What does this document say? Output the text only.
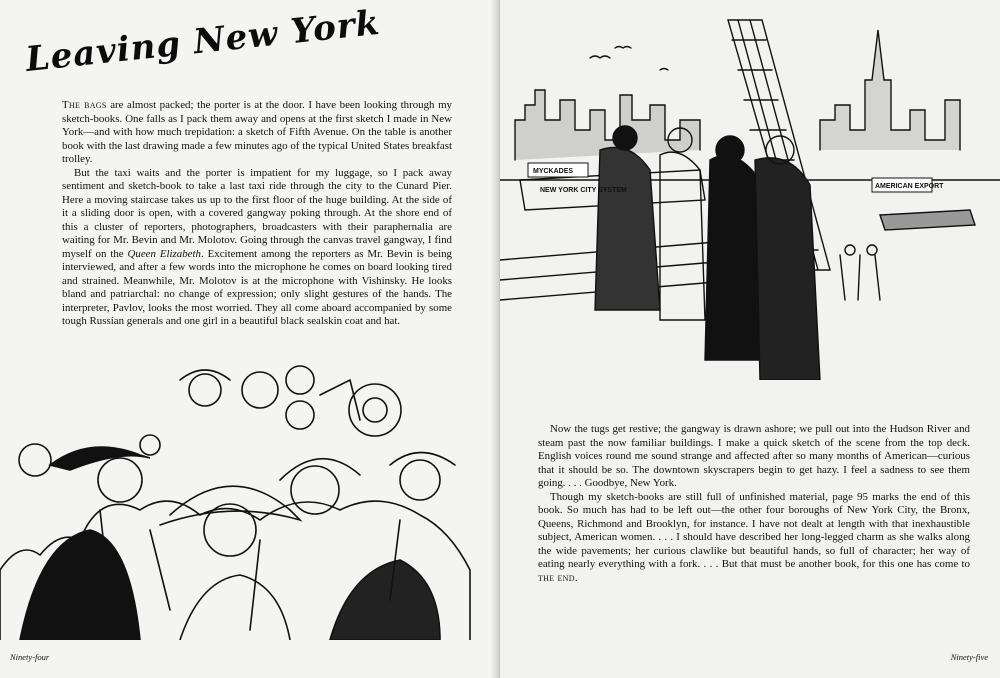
Leaving New York

The bags are almost packed; the porter is at the door. I have been looking through my sketch-books. One falls as I pack them away and opens at the first sketch I made in New York—and with how much trepidation: a sketch of Fifth Avenue. On the table is another book with the last drawing made a few minutes ago of the typical United States breakfast trolley.

But the taxi waits and the porter is impatient for my luggage, so I pack away sentiment and sketch-book to take a last taxi ride through the city to the Cunard Pier. Here a moving staircase takes us up to the first floor of the huge building. At the side of it a sliding door is open, with a covered gangway poking through. At the shore end of this a cluster of reporters, photographers, broadcasters with their paraphernalia are waiting for Mr. Bevin and Mr. Molotov. Going through the canvas travel gangway, I find myself on the Queen Elizabeth. Excitement among the reporters as Mr. Bevin is being interviewed, and after a few words into the microphone he comes on board looking tired and strained. Meanwhile, Mr. Molotov is at the microphone with Vishinsky. He looks bland and patriarchal: no change of expression; only slight gestures of the hands. The interpreter, Pavlov, looks the most worried. They all come aboard accompanied by some tough Russian generals and one girl in a beautiful black sealskin coat and hat.

Ninety-four
MYCKADES
NEW YORK CITY SYSTEM
AMERICAN EXPORT

Now the tugs get restive; the gangway is drawn ashore; we pull out into the Hudson River and steam past the now familiar buildings. I make a quick sketch of the scene from the top deck. English voices round me sound strange and affected after so many months of American—curious that it should be so. The downtown skyscrapers begin to get hazy. I feel a sadness to see them going. . . . Goodbye, New York.

Though my sketch-books are still full of unfinished material, page 95 marks the end of this book. So much has had to be left out—the other four boroughs of New York City, the Bronx, Queens, Richmond and Brooklyn, for instance. I have not dealt at length with that inexhaustible subject, American women. . . . I should have described her long-legged charm as she walks along the wide pavements; her curious clawlike but beautiful hands, so full of character; her way of eating nearly everything with a fork. . . . But that must be another book, for this one has come to the end.

Ninety-five
